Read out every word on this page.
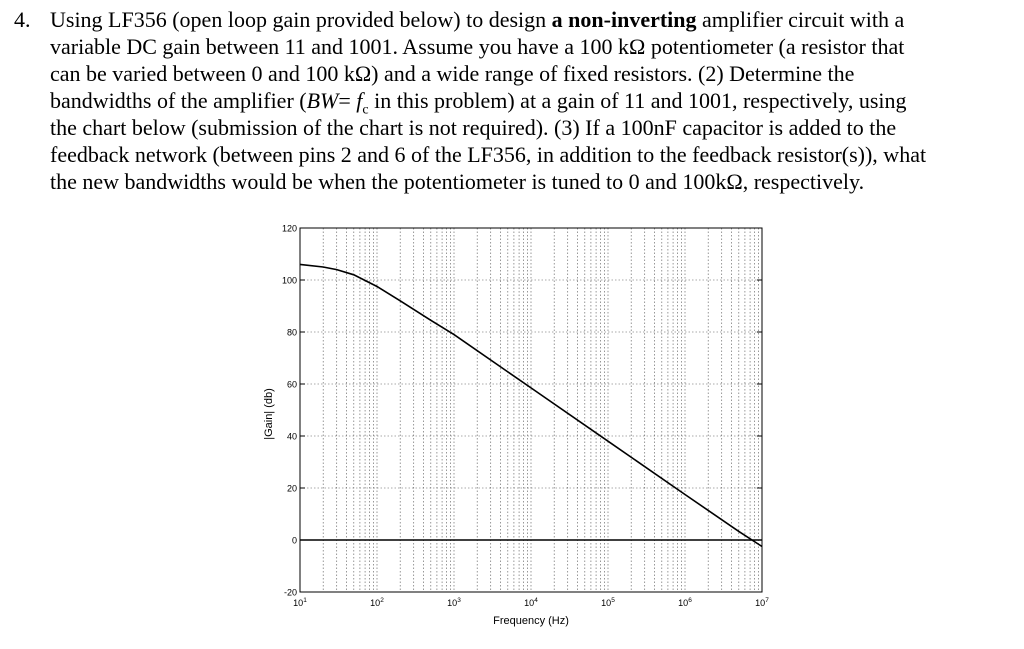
4. Using LF356 (open loop gain provided below) to design a non-inverting amplifier circuit with a
variable DC gain between 11 and 1001. Assume you have a 100 kΩ potentiometer (a resistor that
can be varied between 0 and 100 kΩ) and a wide range of fixed resistors. (2) Determine the
bandwidths of the amplifier ($BW= f_c$ in this problem) at a gain of 11 and 1001, respectively, using
the chart below (submission of the chart is not required). (3) If a 100nF capacitor is added to the
feedback network (between pins 2 and 6 of the LF356, in addition to the feedback resistor(s)), what
the new bandwidths would be when the potentiometer is tuned to 0 and 100kΩ, respectively.
120
100
80
60
40
20
0
-20
$10^1$	$10^2$	$10^3$	$10^4$	$10^5$	$10^6$	$10^7$
Frequency (Hz)
|Gain| (db)
